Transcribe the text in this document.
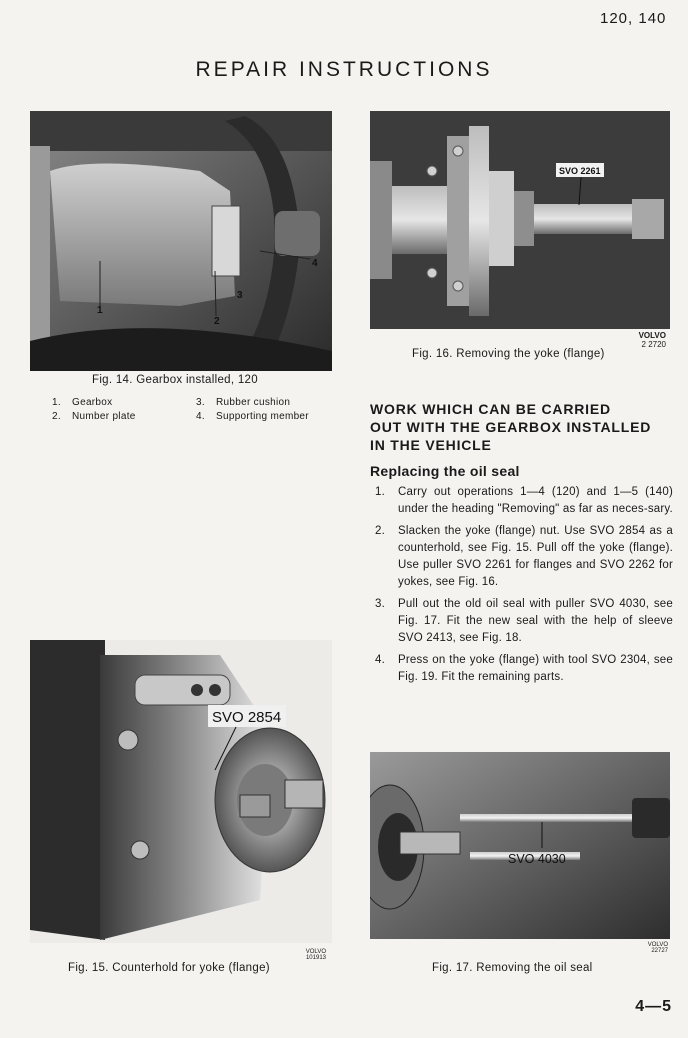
120, 140
REPAIR INSTRUCTIONS
1
2
3
4
Fig. 14. Gearbox installed, 120
1. Gearbox
2. Number plate
3. Rubber cushion
4. Supporting member
SVO 2261
VOLVO
2 2720
Fig. 16. Removing the yoke (flange)
WORK WHICH CAN BE CARRIED
OUT WITH THE GEARBOX INSTALLED
IN THE VEHICLE
Replacing the oil seal
1. Carry out operations 1—4 (120) and 1—5 (140) under the heading "Removing" as far as neces-sary.
2. Slacken the yoke (flange) nut. Use SVO 2854 as a counterhold, see Fig. 15. Pull off the yoke (flange). Use puller SVO 2261 for flanges and SVO 2262 for yokes, see Fig. 16.
3. Pull out the old oil seal with puller SVO 4030, see Fig. 17. Fit the new seal with the help of sleeve SVO 2413, see Fig. 18.
4. Press on the yoke (flange) with tool SVO 2304, see Fig. 19. Fit the remaining parts.
SVO 2854
VOLVO
101913
Fig. 15. Counterhold for yoke (flange)
SVO 4030
VOLVO
22727
Fig. 17. Removing the oil seal
4—5
